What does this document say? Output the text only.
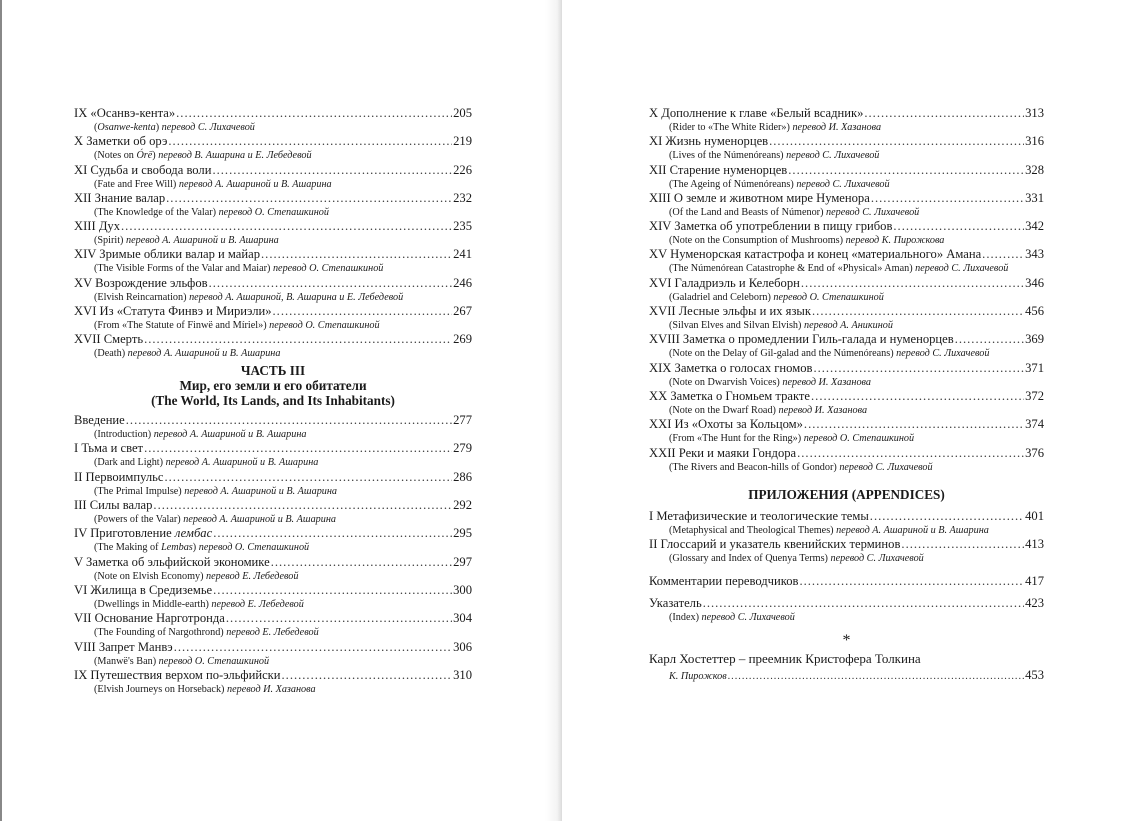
IX «Осанвэ-кента» .....	205
(Osanwe-kenta) перевод С. Лихачевой
X Заметки об орэ .....	219
(Notes on Órë) перевод В. Ашарина и Е. Лебедевой
XI Судьба и свобода воли .....	226
(Fate and Free Will) перевод А. Ашариной и В. Ашарина
XII Знание валар .....	232
(The Knowledge of the Valar) перевод О. Степашкиной
XIII Дух .....	235
(Spirit) перевод А. Ашариной и В. Ашарина
XIV Зримые облики валар и майар .....	241
(The Visible Forms of the Valar and Maiar) перевод О. Степашкиной
XV Возрождение эльфов .....	246
(Elvish Reincarnation) перевод А. Ашариной, В. Ашарина и Е. Лебедевой
XVI Из «Статута Финвэ и Мириэли» .....	267
(From «The Statute of Finwë and Míriel») перевод О. Степашкиной
XVII Смерть .....	269
(Death) перевод А. Ашариной и В. Ашарина
ЧАСТЬ III
Мир, его земли и его обитатели
(The World, Its Lands, and Its Inhabitants)
Введение .....	277
(Introduction) перевод А. Ашариной и В. Ашарина
I Тьма и свет .....	279
(Dark and Light) перевод А. Ашариной и В. Ашарина
II Первоимпульс .....	286
(The Primal Impulse) перевод А. Ашариной и В. Ашарина
III Силы валар .....	292
(Powers of the Valar) перевод А. Ашариной и В. Ашарина
IV Приготовление лембас .....	295
(The Making of Lembas) перевод О. Степашкиной
V Заметка об эльфийской экономике .....	297
(Note on Elvish Economy) перевод Е. Лебедевой
VI Жилища в Средиземье .....	300
(Dwellings in Middle-earth) перевод Е. Лебедевой
VII Основание Нарготронда .....	304
(The Founding of Nargothrond) перевод Е. Лебедевой
VIII Запрет Манвэ .....	306
(Manwë's Ban) перевод О. Степашкиной
IX Путешествия верхом по-эльфийски .....	310
(Elvish Journeys on Horseback) перевод И. Хазанова
X Дополнение к главе «Белый всадник» .....	313
(Rider to «The White Rider») перевод И. Хазанова
XI Жизнь нуменорцев .....	316
(Lives of the Númenóreans) перевод С. Лихачевой
XII Старение нуменорцев .....	328
(The Ageing of Númenóreans) перевод С. Лихачевой
XIII О земле и животном мире Нуменора .....	331
(Of the Land and Beasts of Númenor) перевод С. Лихачевой
XIV Заметка об употреблении в пищу грибов .....	342
(Note on the Consumption of Mushrooms) перевод К. Пирожкова
XV Нуменорская катастрофа и конец «материального» Амана .....	343
(The Númenórean Catastrophe & End of «Physical» Aman) перевод С. Лихачевой
XVI Галадриэль и Келеборн .....	346
(Galadriel and Celeborn) перевод О. Степашкиной
XVII Лесные эльфы и их язык .....	456
(Silvan Elves and Silvan Elvish) перевод А. Аникиной
XVIII Заметка о промедлении Гиль-галада и нуменорцев .....	369
(Note on the Delay of Gil-galad and the Númenóreans) перевод С. Лихачевой
XIX Заметка о голосах гномов .....	371
(Note on Dwarvish Voices) перевод И. Хазанова
XX Заметка о Гномьем тракте .....	372
(Note on the Dwarf Road) перевод И. Хазанова
XXI Из «Охоты за Кольцом» .....	374
(From «The Hunt for the Ring») перевод О. Степашкиной
XXII Реки и маяки Гондора .....	376
(The Rivers and Beacon-hills of Gondor) перевод С. Лихачевой
ПРИЛОЖЕНИЯ (APPENDICES)
I Метафизические и теологические темы .....	401
(Metaphysical and Theological Themes) перевод А. Ашариной и В. Ашарина
II Глоссарий и указатель квенийских терминов .....	413
(Glossary and Index of Quenya Terms) перевод С. Лихачевой
Комментарии переводчиков .....	417
Указатель .....	423
(Index) перевод С. Лихачевой
*
Карл Хостеттер – преемник Кристофера Толкина
К. Пирожков .....	453
